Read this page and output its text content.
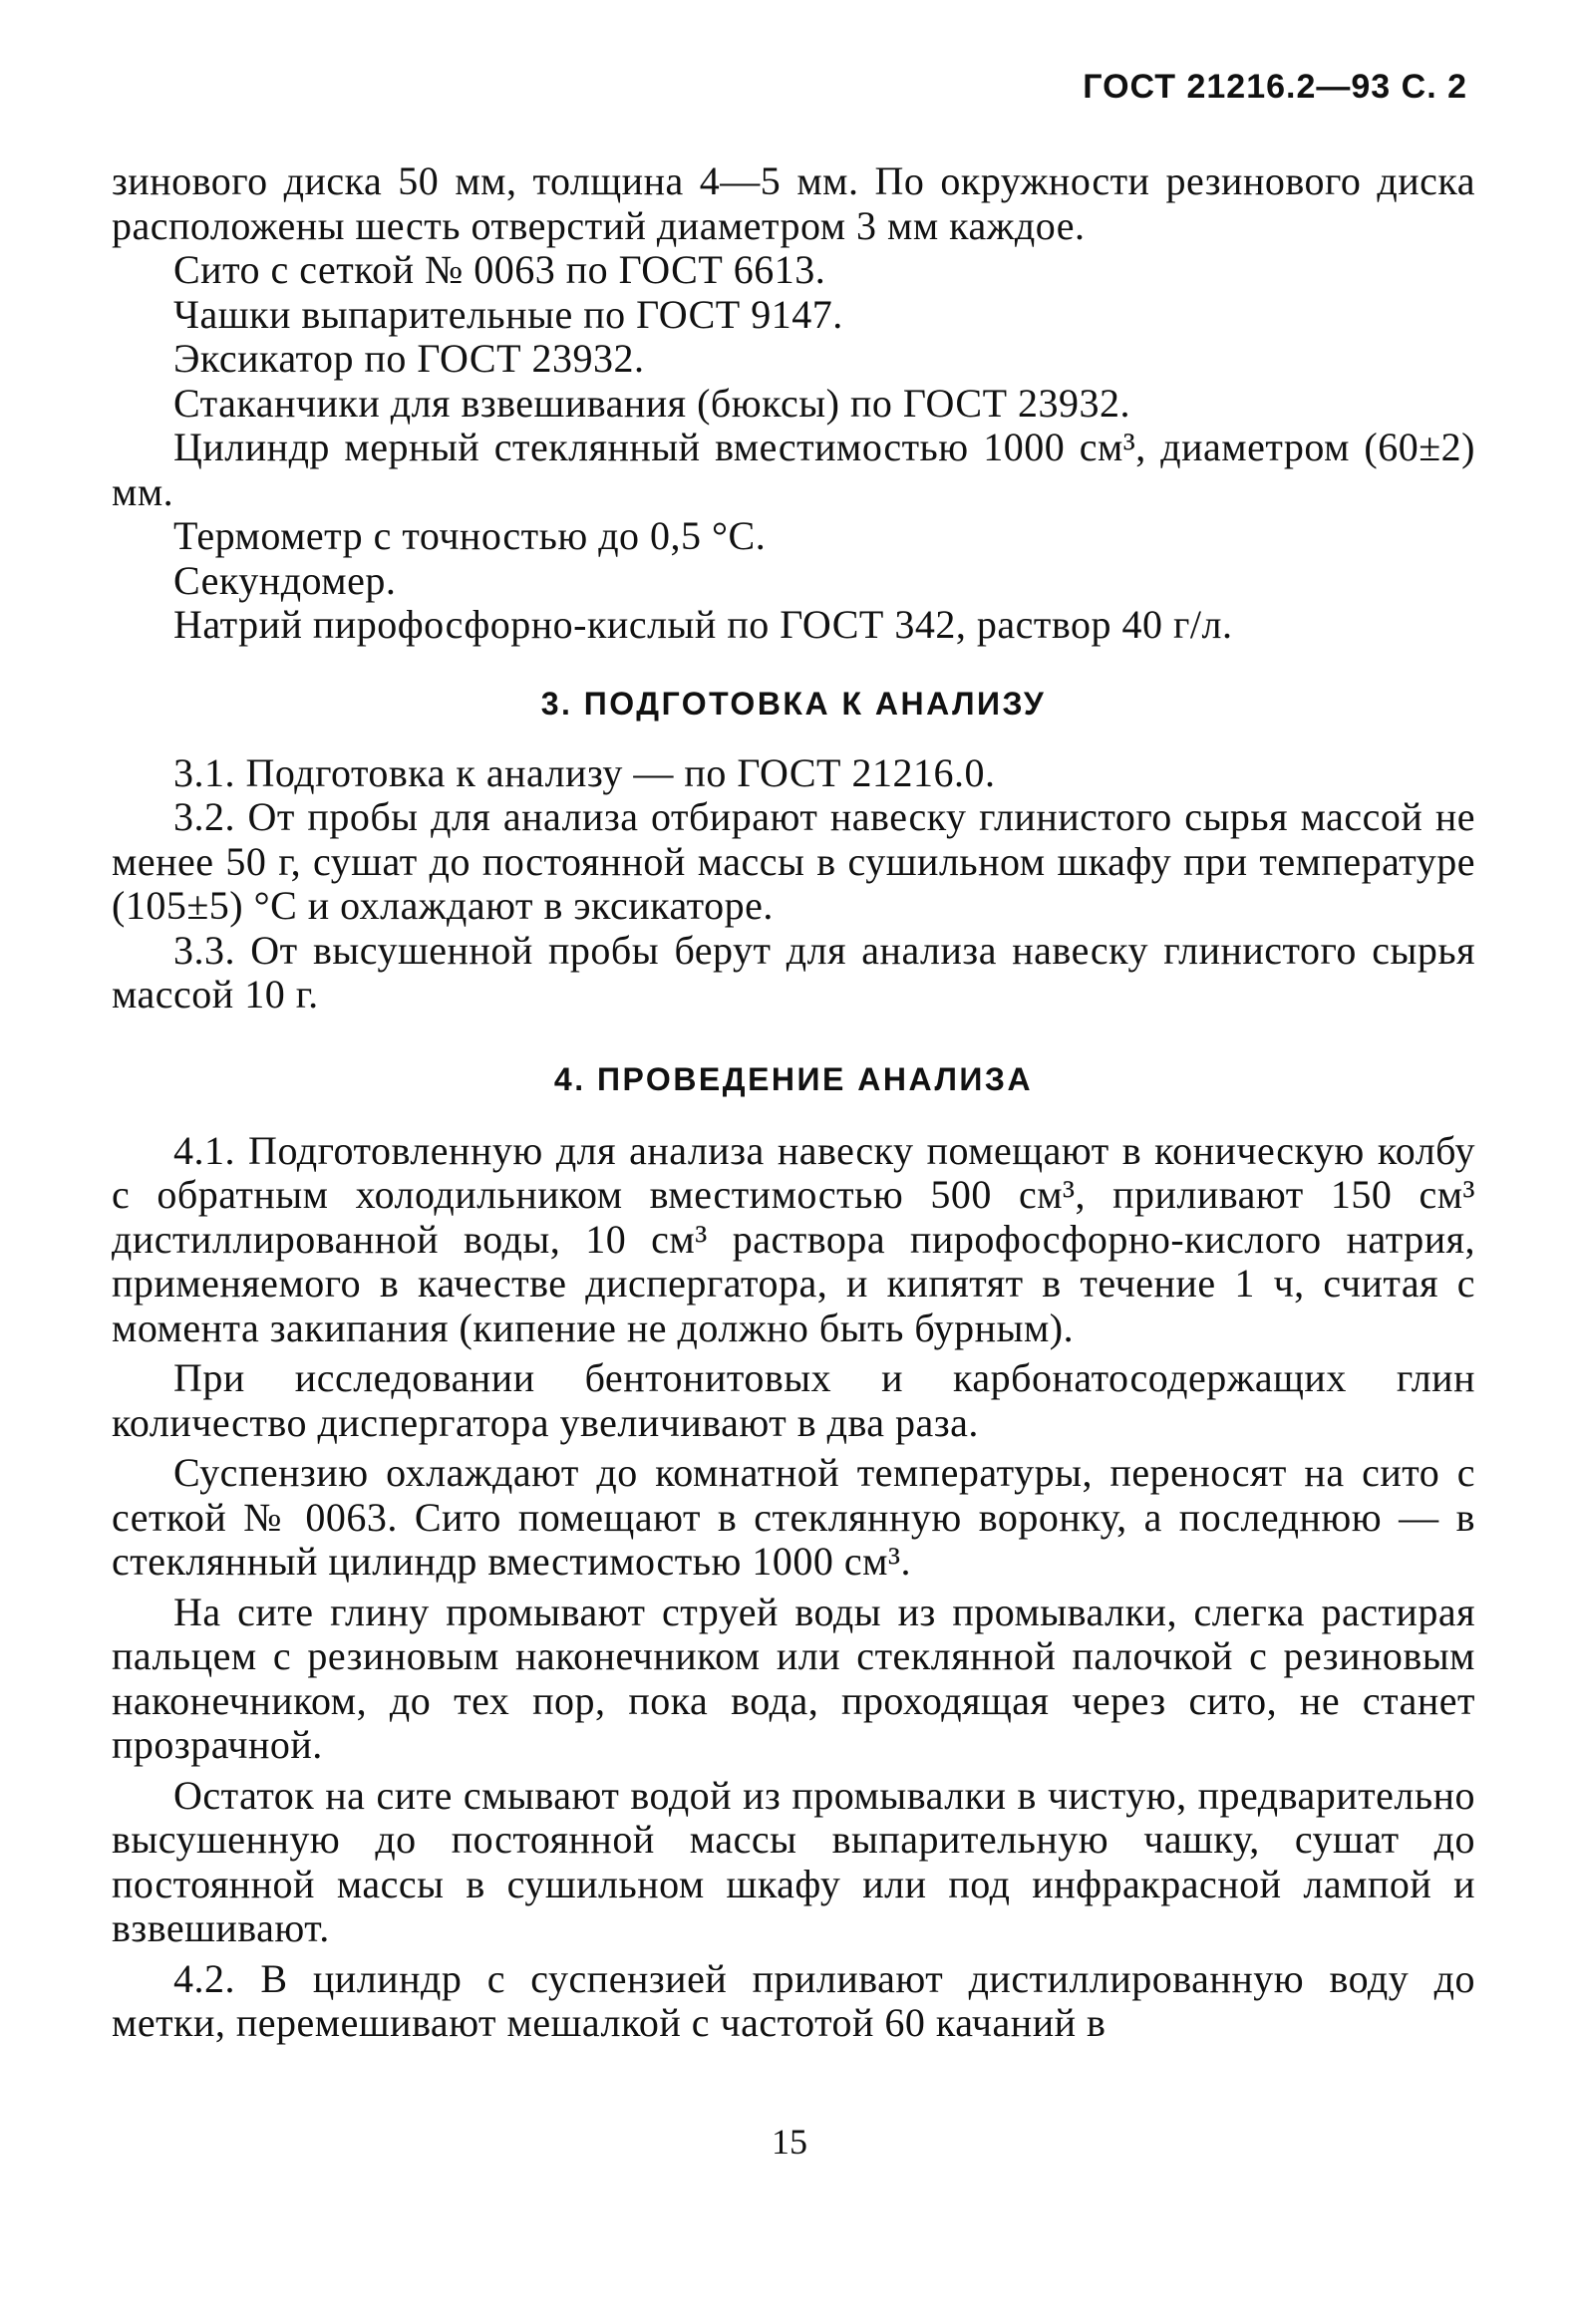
ГОСТ 21216.2—93 С. 2

зинового диска 50 мм, толщина 4—5 мм. По окружности резинового диска расположены шесть отверстий диаметром 3 мм каждое.

Сито с сеткой № 0063 по ГОСТ 6613.

Чашки выпарительные по ГОСТ 9147.

Эксикатор по ГОСТ 23932.

Стаканчики для взвешивания (бюксы) по ГОСТ 23932.

Цилиндр мерный стеклянный вместимостью 1000 см³, диаметром (60±2) мм.

Термометр с точностью до 0,5 °С.

Секундомер.

Натрий пирофосфорно-кислый по ГОСТ 342, раствор 40 г/л.

3. ПОДГОТОВКА К АНАЛИЗУ

3.1. Подготовка к анализу — по ГОСТ 21216.0.

3.2. От пробы для анализа отбирают навеску глинистого сырья массой не менее 50 г, сушат до постоянной массы в сушильном шкафу при температуре (105±5) °С и охлаждают в эксикаторе.

3.3. От высушенной пробы берут для анализа навеску глинистого сырья массой 10 г.

4. ПРОВЕДЕНИЕ АНАЛИЗА

4.1. Подготовленную для анализа навеску помещают в коническую колбу с обратным холодильником вместимостью 500 см³, приливают 150 см³ дистиллированной воды, 10 см³ раствора пирофосфорно-кислого натрия, применяемого в качестве диспергатора, и кипятят в течение 1 ч, считая с момента закипания (кипение не должно быть бурным).

При исследовании бентонитовых и карбонатосодержащих глин количество диспергатора увеличивают в два раза.

Суспензию охлаждают до комнатной температуры, переносят на сито с сеткой № 0063. Сито помещают в стеклянную воронку, а последнюю — в стеклянный цилиндр вместимостью 1000 см³.

На сите глину промывают струей воды из промывалки, слегка растирая пальцем с резиновым наконечником или стеклянной палочкой с резиновым наконечником, до тех пор, пока вода, проходящая через сито, не станет прозрачной.

Остаток на сите смывают водой из промывалки в чистую, предварительно высушенную до постоянной массы выпарительную чашку, сушат до постоянной массы в сушильном шкафу или под инфракрасной лампой и взвешивают.

4.2. В цилиндр с суспензией приливают дистиллированную воду до метки, перемешивают мешалкой с частотой 60 качаний в

15
